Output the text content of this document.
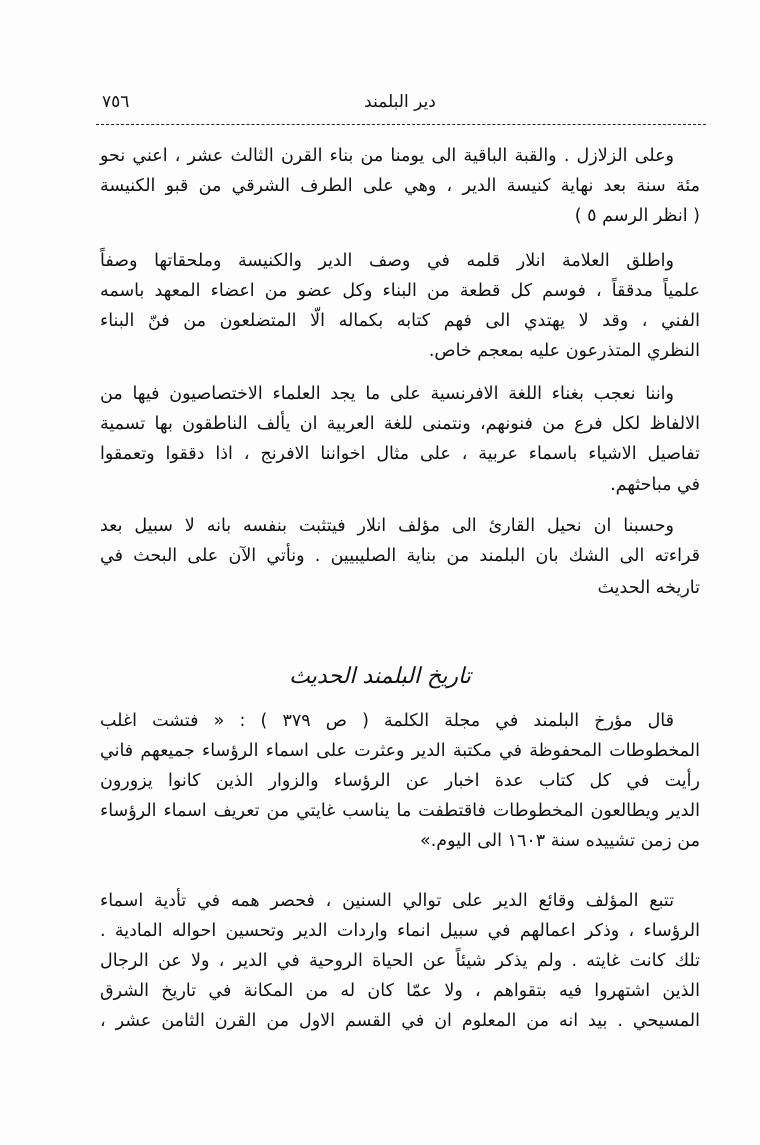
٧٥٦	دير البلمند
وعلى الزلازل . والقبة الباقية الى يومنا من بناء القرن الثالث عشر ، اعني نحو
مئة سنة بعد نهاية كنيسة الدير ، وهي على الطرف الشرقي من قبو الكنيسة
( انظر الرسم ٥ )
واطلق العلامة انلار قلمه في وصف الدير والكنيسة وملحقاتها وصفاً
علمياً مدققاً ، فوسم كل قطعة من البناء وكل عضو من اعضاء المعهد باسمه
الفني ، وقد لا يهتدي الى فهم كتابه بكماله الّا المتضلعون من فنّ البناء
النظري المتذرعون عليه بمعجم خاص.
واننا نعجب بغناء اللغة الافرنسية على ما يجد العلماء الاختصاصيون فيها من
الالفاظ لكل فرع من فنونهم، ونتمنى للغة العربية ان يألف الناطقون بها تسمية
تفاصيل الاشياء باسماء عربية ، على مثال اخواننا الافرنج ، اذا دققوا وتعمقوا
في مباحثهم.
وحسبنا ان نحيل القارئ الى مؤلف انلار فيتثبت بنفسه بانه لا سبيل بعد
قراءته الى الشك بان البلمند من بناية الصليبيين . ونأتي الآن على البحث في
تاريخه الحديث
تاريخ البلمند الحديث
قال مؤرخ البلمند في مجلة الكلمة ( ص ٣٧٩ ) : « فتشت اغلب
المخطوطات المحفوظة في مكتبة الدير وعثرت على اسماء الرؤساء جميعهم فاني
رأيت في كل كتاب عدة اخبار عن الرؤساء والزوار الذين كانوا يزورون
الدير ويطالعون المخطوطات فاقتطفت ما يناسب غايتي من تعريف اسماء الرؤساء
من زمن تشييده سنة ١٦٠٣ الى اليوم.»
تتبع المؤلف وقائع الدير على توالي السنين ، فحصر همه في تأدية اسماء
الرؤساء ، وذكر اعمالهم في سبيل انماء واردات الدير وتحسين احواله المادية .
تلك كانت غايته . ولم يذكر شيئاً عن الحياة الروحية في الدير ، ولا عن الرجال
الذين اشتهروا فيه بتقواهم ، ولا عمّا كان له من المكانة في تاريخ الشرق
المسيحي . بيد انه من المعلوم ان في القسم الاول من القرن الثامن عشر ،
